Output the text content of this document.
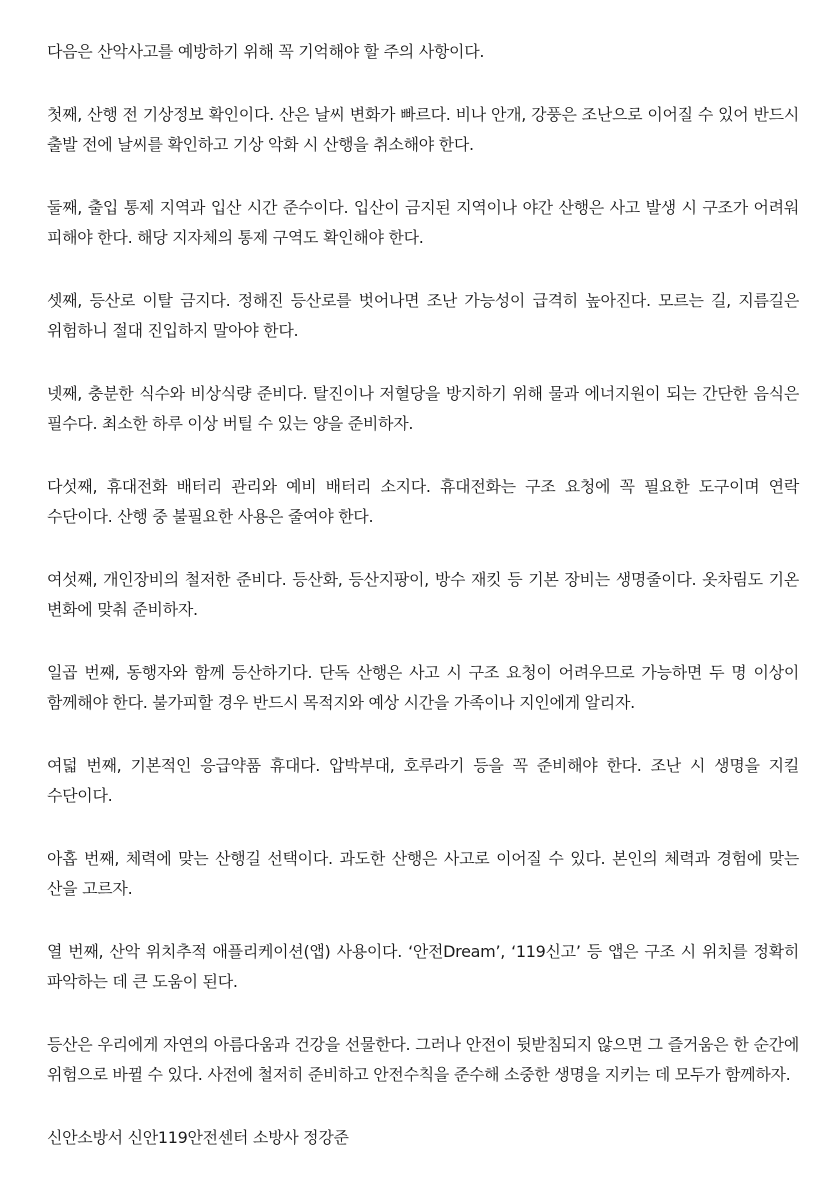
다음은 산악사고를 예방하기 위해 꼭 기억해야 할 주의 사항이다.

첫째, 산행 전 기상정보 확인이다. 산은 날씨 변화가 빠르다. 비나 안개, 강풍은 조난으로 이어질 수 있어 반드시 출발 전에 날씨를 확인하고 기상 악화 시 산행을 취소해야 한다.

둘째, 출입 통제 지역과 입산 시간 준수이다. 입산이 금지된 지역이나 야간 산행은 사고 발생 시 구조가 어려워 피해야 한다. 해당 지자체의 통제 구역도 확인해야 한다.

셋째, 등산로 이탈 금지다. 정해진 등산로를 벗어나면 조난 가능성이 급격히 높아진다. 모르는 길, 지름길은 위험하니 절대 진입하지 말아야 한다.

넷째, 충분한 식수와 비상식량 준비다. 탈진이나 저혈당을 방지하기 위해 물과 에너지원이 되는 간단한 음식은 필수다. 최소한 하루 이상 버틸 수 있는 양을 준비하자.

다섯째, 휴대전화 배터리 관리와 예비 배터리 소지다. 휴대전화는 구조 요청에 꼭 필요한 도구이며 연락 수단이다. 산행 중 불필요한 사용은 줄여야 한다.

여섯째, 개인장비의 철저한 준비다. 등산화, 등산지팡이, 방수 재킷 등 기본 장비는 생명줄이다. 옷차림도 기온 변화에 맞춰 준비하자.

일곱 번째, 동행자와 함께 등산하기다. 단독 산행은 사고 시 구조 요청이 어려우므로 가능하면 두 명 이상이 함께해야 한다. 불가피할 경우 반드시 목적지와 예상 시간을 가족이나 지인에게 알리자.

여덟 번째, 기본적인 응급약품 휴대다. 압박부대, 호루라기 등을 꼭 준비해야 한다. 조난 시 생명을 지킬 수단이다.

아홉 번째, 체력에 맞는 산행길 선택이다. 과도한 산행은 사고로 이어질 수 있다. 본인의 체력과 경험에 맞는 산을 고르자.

열 번째, 산악 위치추적 애플리케이션(앱) 사용이다. ‘안전Dream’, ‘119신고’ 등 앱은 구조 시 위치를 정확히 파악하는 데 큰 도움이 된다.

등산은 우리에게 자연의 아름다움과 건강을 선물한다. 그러나 안전이 뒷받침되지 않으면 그 즐거움은 한 순간에 위험으로 바뀔 수 있다. 사전에 철저히 준비하고 안전수칙을 준수해 소중한 생명을 지키는 데 모두가 함께하자.

신안소방서 신안119안전센터 소방사 정강준
